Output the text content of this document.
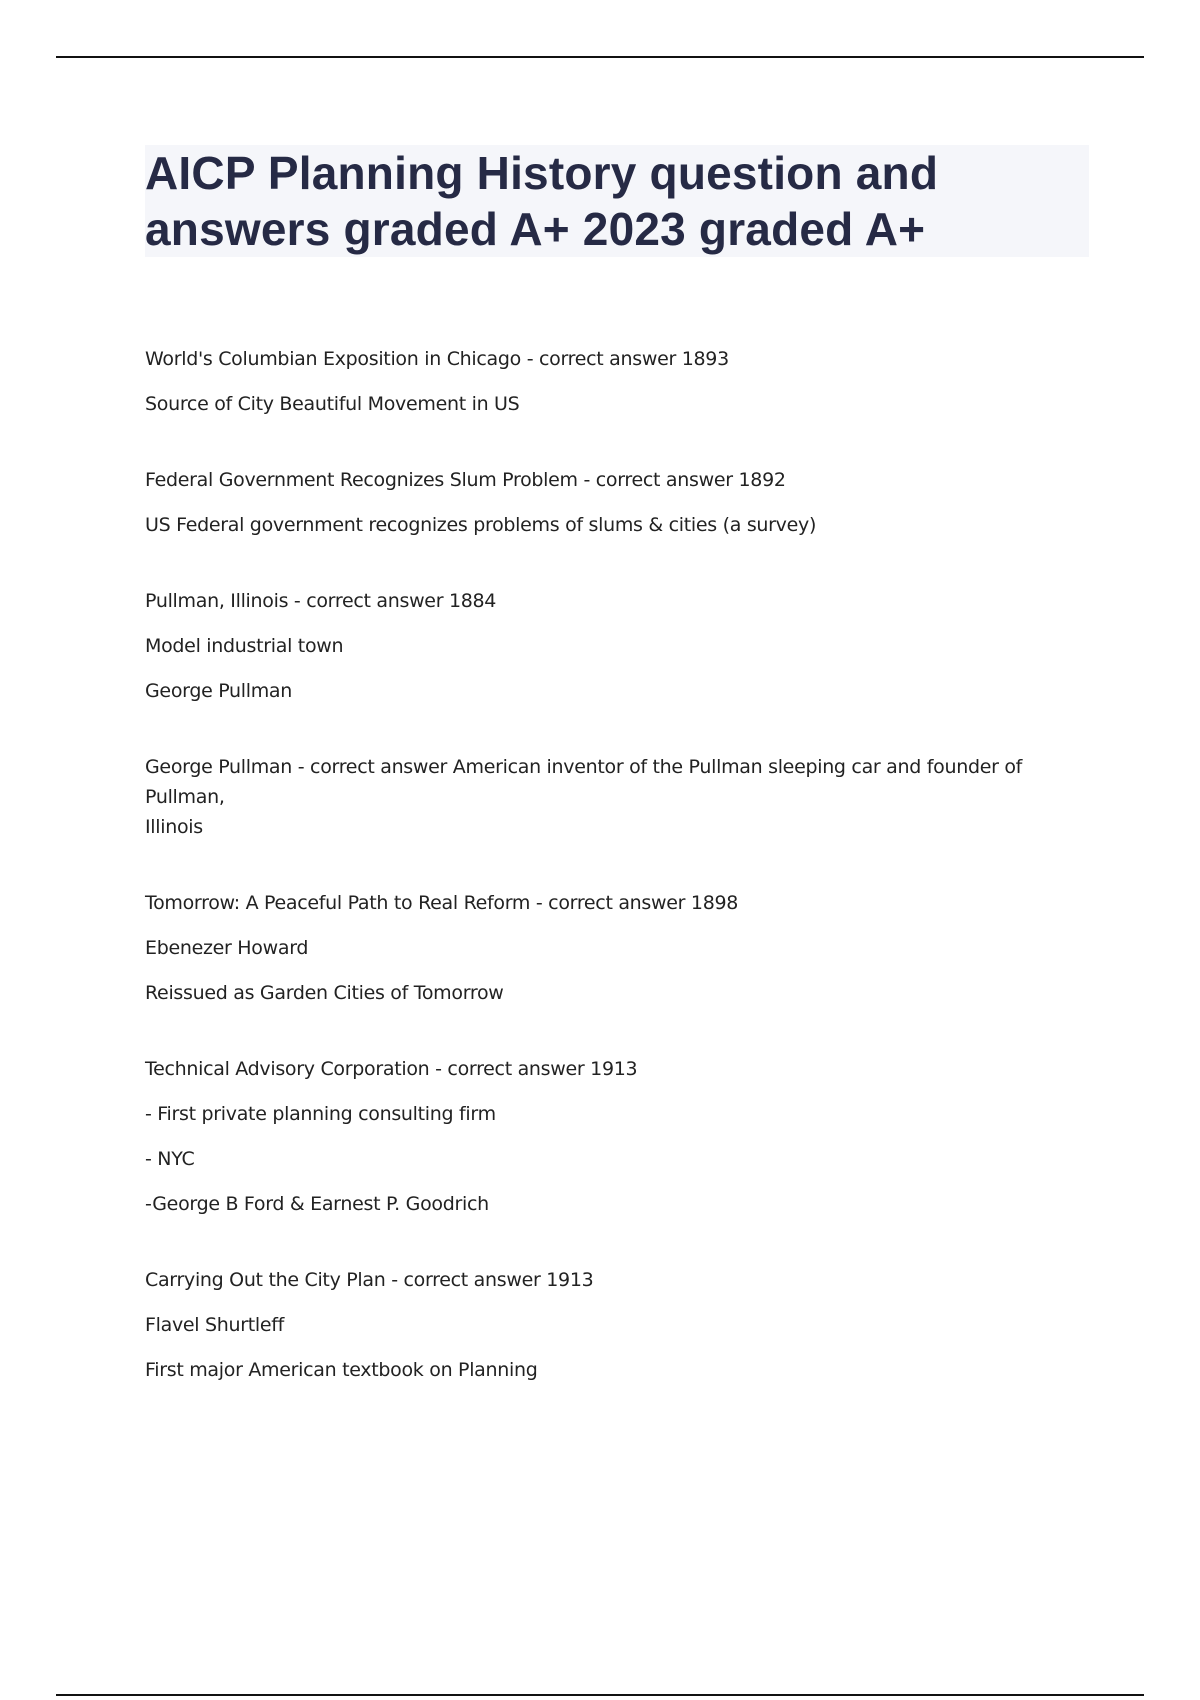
AICP Planning History question and
answers graded A+ 2023 graded A+
World's Columbian Exposition in Chicago - correct answer 1893
Source of City Beautiful Movement in US
Federal Government Recognizes Slum Problem - correct answer 1892
US Federal government recognizes problems of slums & cities (a survey)
Pullman, Illinois - correct answer 1884
Model industrial town
George Pullman
George Pullman - correct answer American inventor of the Pullman sleeping car and founder of Pullman,
Illinois
Tomorrow: A Peaceful Path to Real Reform - correct answer 1898
Ebenezer Howard
Reissued as Garden Cities of Tomorrow
Technical Advisory Corporation - correct answer 1913
- First private planning consulting firm
- NYC
-George B Ford & Earnest P. Goodrich
Carrying Out the City Plan - correct answer 1913
Flavel Shurtleff
First major American textbook on Planning
